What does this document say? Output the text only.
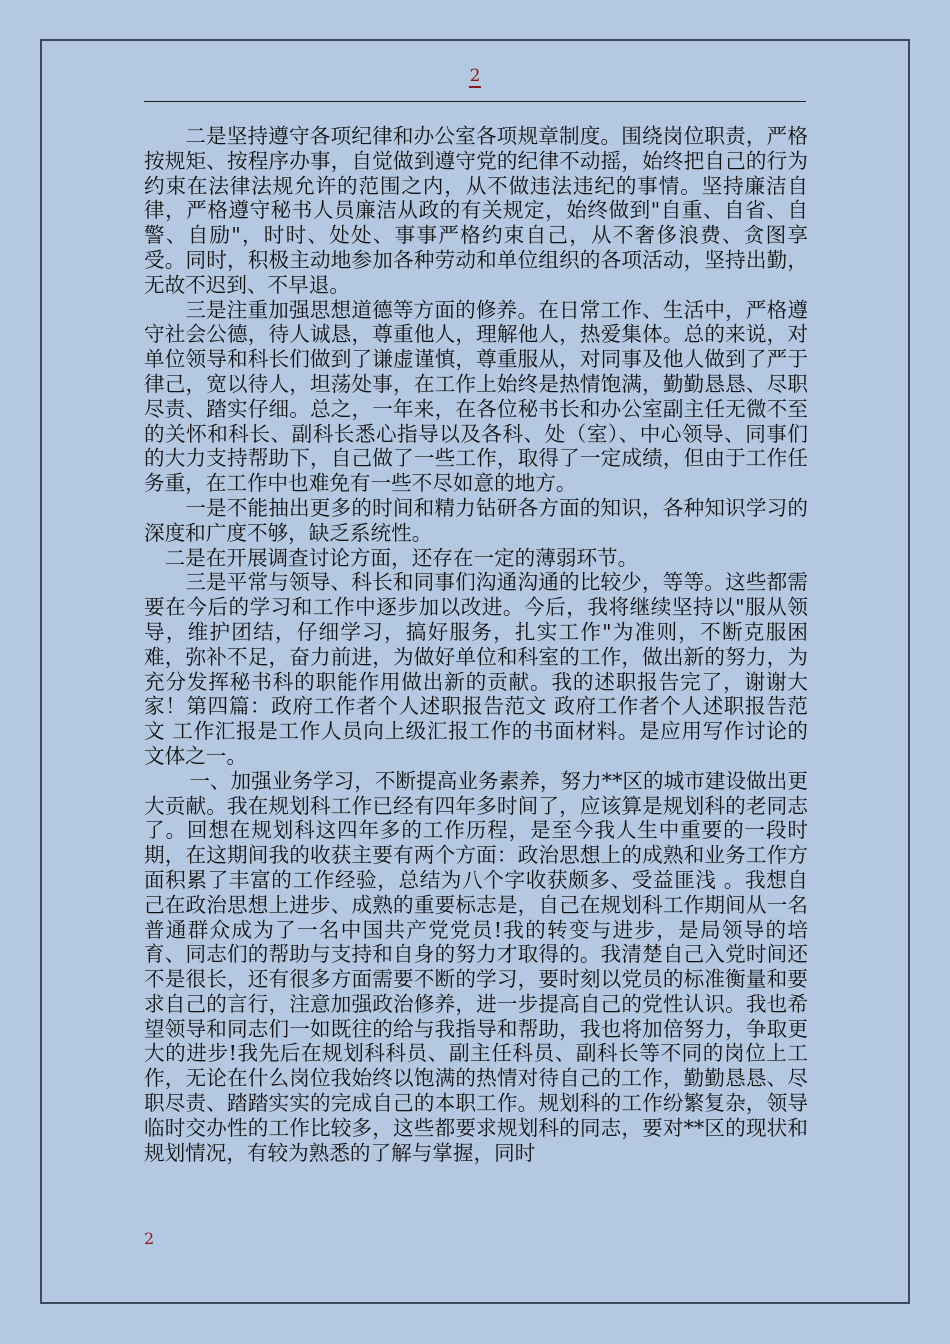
2

二是坚持遵守各项纪律和办公室各项规章制度。围绕岗位职责，严格按规矩、按程序办事，自觉做到遵守党的纪律不动摇，始终把自己的行为约束在法律法规允许的范围之内，从不做违法违纪的事情。坚持廉洁自律，严格遵守秘书人员廉洁从政的有关规定，始终做到"自重、自省、自警、自励"，时时、处处、事事严格约束自己，从不奢侈浪费、贪图享受。同时，积极主动地参加各种劳动和单位组织的各项活动，坚持出勤，无故不迟到、不早退。

三是注重加强思想道德等方面的修养。在日常工作、生活中，严格遵守社会公德，待人诚恳，尊重他人，理解他人，热爱集体。总的来说，对单位领导和科长们做到了谦虚谨慎，尊重服从，对同事及他人做到了严于律己，宽以待人，坦荡处事，在工作上始终是热情饱满，勤勤恳恳、尽职尽责、踏实仔细。总之，一年来，在各位秘书长和办公室副主任无微不至的关怀和科长、副科长悉心指导以及各科、处（室）、中心领导、同事们的大力支持帮助下，自己做了一些工作，取得了一定成绩，但由于工作任务重，在工作中也难免有一些不尽如意的地方。

一是不能抽出更多的时间和精力钻研各方面的知识，各种知识学习的深度和广度不够，缺乏系统性。

二是在开展调查讨论方面，还存在一定的薄弱环节。

三是平常与领导、科长和同事们沟通沟通的比较少，等等。这些都需要在今后的学习和工作中逐步加以改进。今后，我将继续坚持以"服从领导，维护团结，仔细学习，搞好服务，扎实工作"为准则，不断克服困难，弥补不足，奋力前进，为做好单位和科室的工作，做出新的努力，为充分发挥秘书科的职能作用做出新的贡献。我的述职报告完了，谢谢大家！第四篇：政府工作者个人述职报告范文 政府工作者个人述职报告范文 工作汇报是工作人员向上级汇报工作的书面材料。是应用写作讨论的文体之一。

一、加强业务学习，不断提高业务素养，努力**区的城市建设做出更大贡献。我在规划科工作已经有四年多时间了，应该算是规划科的老同志了。回想在规划科这四年多的工作历程，是至今我人生中重要的一段时期，在这期间我的收获主要有两个方面：政治思想上的成熟和业务工作方面积累了丰富的工作经验，总结为八个字收获颇多、受益匪浅 。我想自己在政治思想上进步、成熟的重要标志是，自己在规划科工作期间从一名普通群众成为了一名中国共产党党员!我的转变与进步，是局领导的培育、同志们的帮助与支持和自身的努力才取得的。我清楚自己入党时间还不是很长，还有很多方面需要不断的学习，要时刻以党员的标准衡量和要求自己的言行，注意加强政治修养，进一步提高自己的党性认识。我也希望领导和同志们一如既往的给与我指导和帮助，我也将加倍努力，争取更大的进步!我先后在规划科科员、副主任科员、副科长等不同的岗位上工作，无论在什么岗位我始终以饱满的热情对待自己的工作，勤勤恳恳、尽职尽责、踏踏实实的完成自己的本职工作。规划科的工作纷繁复杂，领导临时交办性的工作比较多，这些都要求规划科的同志，要对**区的现状和规划情况，有较为熟悉的了解与掌握，同时

2
